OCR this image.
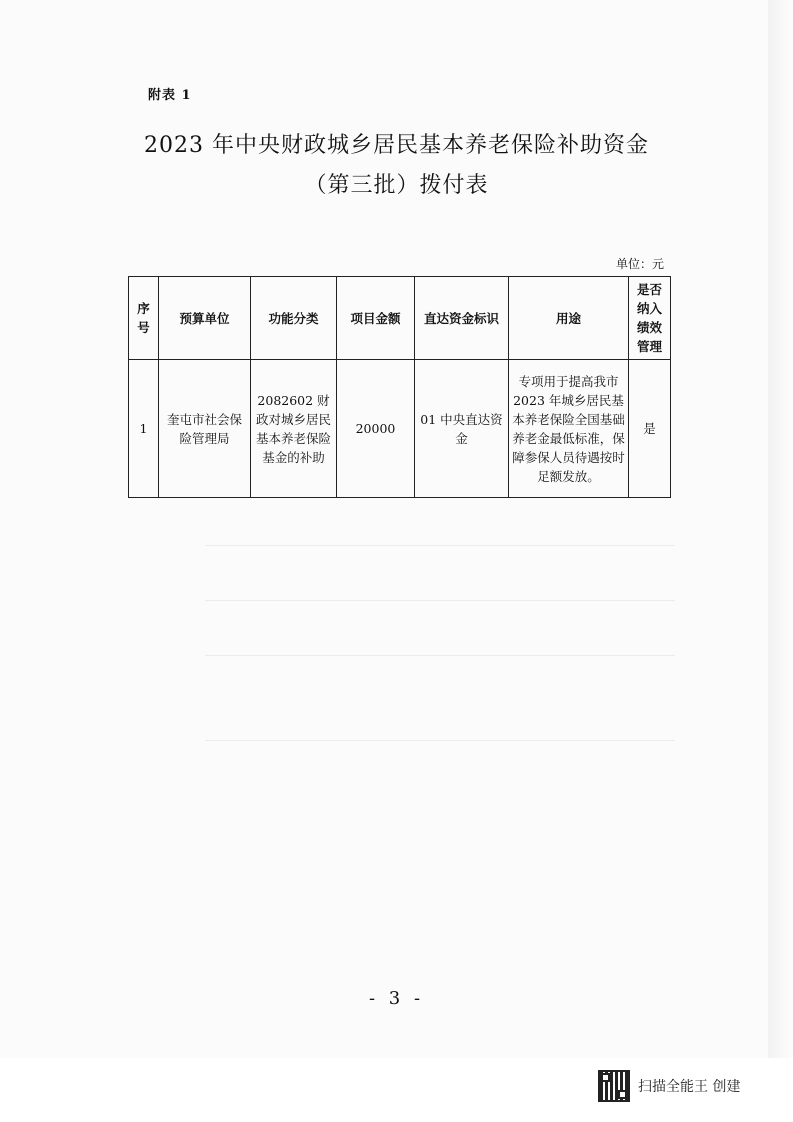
附表 1
2023 年中央财政城乡居民基本养老保险补助资金
（第三批）拨付表
单位：元
序号	预算单位	功能分类	项目金额	直达资金标识	用途	是否纳入绩效管理
1	奎屯市社会保险管理局	2082602 财政对城乡居民基本养老保险基金的补助	20000	01 中央直达资金	专项用于提高我市 2023 年城乡居民基本养老保险全国基础养老金最低标准，保障参保人员待遇按时足额发放。	是
- 3 -
扫描全能王 创建
